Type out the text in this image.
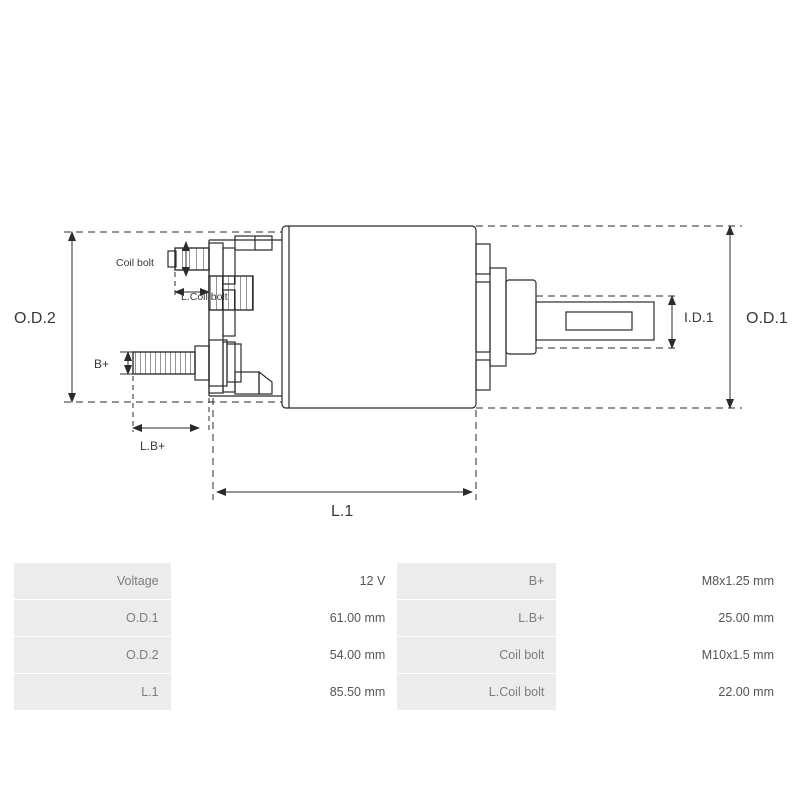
O.D.2	O.D.1
I.D.1
Coil bolt
L.Coil bolt
B+
L.B+
L.1
Voltage	12 V	B+	M8x1.25 mm
O.D.1	61.00 mm	L.B+	25.00 mm
O.D.2	54.00 mm	Coil bolt	M10x1.5 mm
L.1	85.50 mm	L.Coil bolt	22.00 mm
